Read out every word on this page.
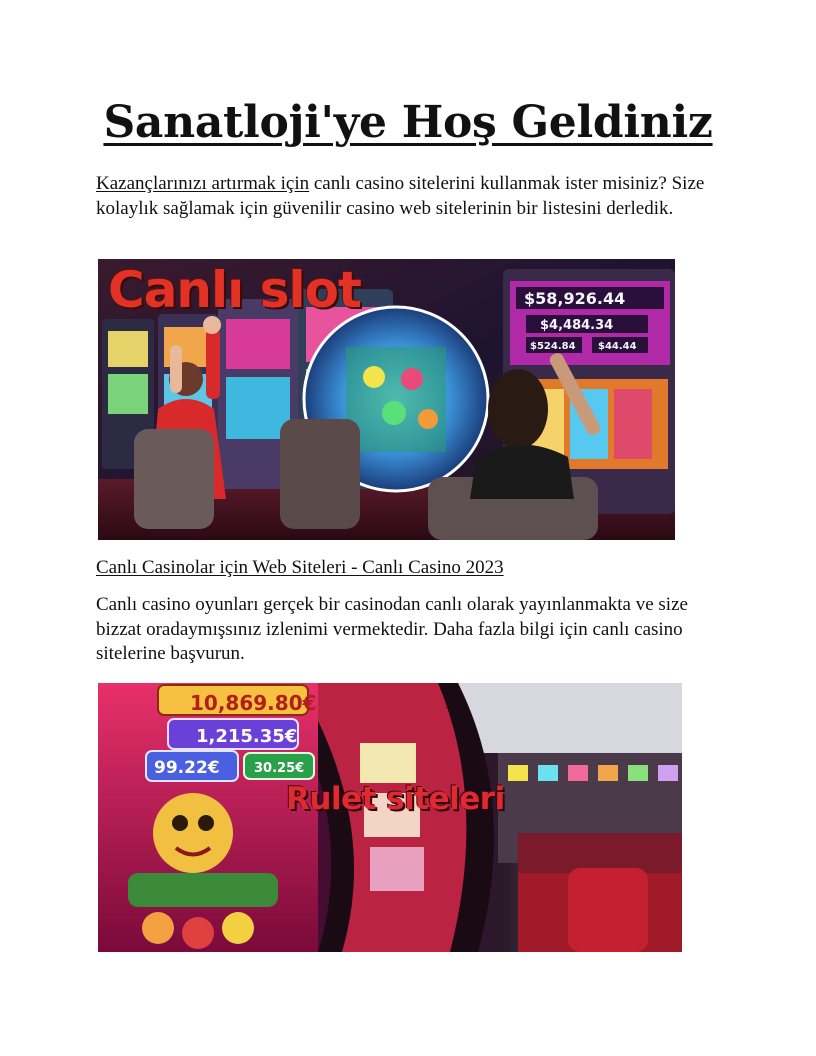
Sanatloji'ye Hoş Geldiniz

Kazançlarınızı artırmak için canlı casino sitelerini kullanmak ister misiniz? Size kolaylık sağlamak için güvenilir casino web sitelerinin bir listesini derledik.

$58,926.44
$4,484.34
$524.84 $44.44
Canlı slot
Canlı Casinolar için Web Siteleri - Canlı Casino 2023

Canlı casino oyunları gerçek bir casinodan canlı olarak yayınlanmakta ve size bizzat oradaymışsınız izlenimi vermektedir. Daha fazla bilgi için canlı casino sitelerine başvurun.

10,869.80€
1,215.35€
99.22€	30.25€
Rulet siteleri
